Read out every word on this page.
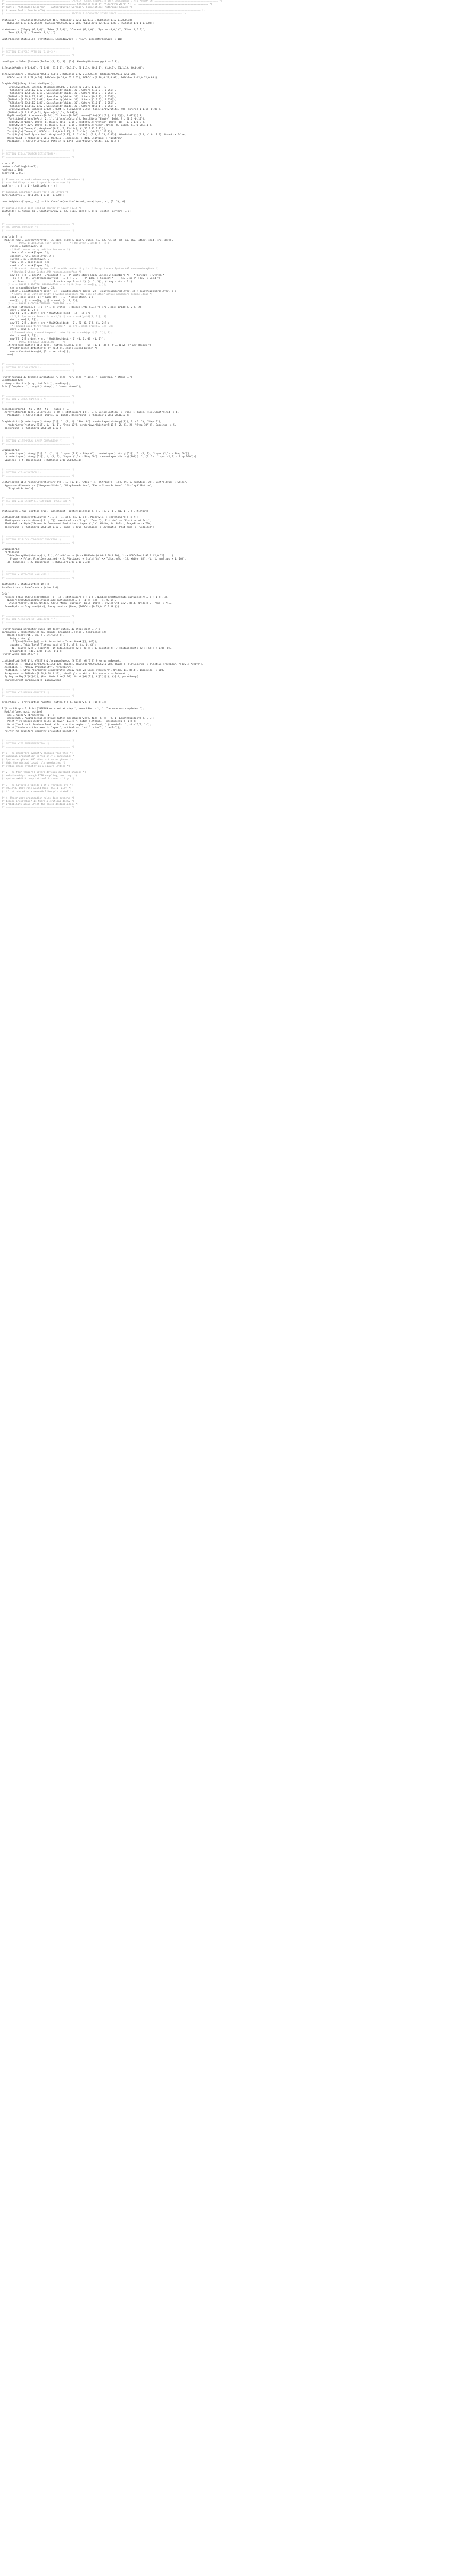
(* ============================================ EMERGENT CROSS CHIRALITY IN A CONCENTRIC STATE AUTOMATON ============================================ *)
(* ================================================ ScheduledTask[ (* "Algorithm Zero" *) ... ================================================ *)
(* Part I: "Schematic Diagram" -- Author:Dustin Sprenger, Formulation: Anthropic Claude *)
(* License:Public Domain (CC0) ========================================================================================================== *)
(* ============================================ SECTION I:SCHEMATIC STATE SPACE ============================================ *)

stateColor = {RGBColor[0.96,0.96,0.46], RGBColor[0.92,0.12,0.12], RGBColor[0.12,0.78,0.18],
RGBColor[0.18,0.22,0.92], RGBColor[0.95,0.62,0.08], RGBColor[0.62,0.12,0.88], RGBColor[1.0,1.0,1.0]};

stateNames = {"Empty (0,0,0)", "Idea (1,0,0)", "Concept (0,1,0)", "System (0,0,1)", "Flow (1,1,0)",
"Seed (1,0,1)", "Breach (1,1,1)"};

SwatchLegend[stateColor, stateNames, LegendLayout -> "Row", LegendMarkerSize -> 10];

(* ============================================ *)
(* SECTION II:CYCLE PATH ON {0,1}^3 *)
(* ============================================ *)

cubeEdges = Select[Subsets[Tuples[{0, 1}, 3], {2}], HammingDistance @@ # == 1 &];

lifecyclePath = {{0,0,0}, {1,0,0}, {1,1,0}, {0,1,0}, {0,1,1}, {0,0,1}, {1,0,1}, {1,1,1}, {0,0,0}};

lifecycleColors = {RGBColor[0.6,0.6,0.6], RGBColor[0.92,0.12,0.12], RGBColor[0.95,0.62,0.08],
RGBColor[0.12,0.78,0.18], RGBColor[0.14,0.62,0.62], RGBColor[0.18,0.22,0.92], RGBColor[0.62,0.12,0.88]};

Graphics3D[{{Gray, Line[cubeEdges]},
{GrayLevel[0.3], Dashed, Thickness[0.003], Line[{{0,0,0},{1,1,1}}]},
{RGBColor[0.92,0.12,0.12], Specularity[White, 30], Sphere[{1,0,0}, 0.055]},
{RGBColor[0.12,0.78,0.18], Specularity[White, 30], Sphere[{0,1,0}, 0.055]},
{RGBColor[0.18,0.22,0.92], Specularity[White, 30], Sphere[{0,0,1}, 0.055]},
{RGBColor[0.95,0.62,0.08], Specularity[White, 30], Sphere[{1,1,0}, 0.055]},
{RGBColor[0.62,0.12,0.88], Specularity[White, 30], Sphere[{1,0,1}, 0.055]},
{RGBColor[0.14,0.62,0.62], Specularity[White, 30], Sphere[{0,1,1}, 0.055]},
{GrayLevel[0.2], Sphere[{0,0,0}, 0.04]}, {GrayLevel[0.95], Specularity[White, 40], Sphere[{1,1,1}, 0.06]},
{RGBColor[0.9,0.85,0.2], Sphere[{1,1,1}, 0.09]}},
MapThread[{#2, Arrowheads[0.04], Thickness[0.006], Arrow[Tube[{#1[[1]], #1[[2]]}, 0.012]]} &,
{Partition[lifecyclePath, 2, 1], lifecycleColors}], Text[Style["Empty", Bold, 9], {0,0,-0.12}],
Text[Style["Idea", White, 8, Bold], {0.1,-0.1}], Text[Style["System", White, 8], {0,-0.1,0.9}],
Text[Style["Flow", White, 8, Bold], {1,1,-0.1}], Text[Style["Seed", White, 8, Bold], {1,-0.08,1.1}],
Text[Style["Concept", GrayLevel[0.7], 7, Italic], {1,12,1.12,1.12}],
Text[Style["Concept", RGBColor[0.6,0.6,0.7], 7, Italic], {-0.12,1.12,1}],
Text[Style["Null Spacetime", GrayLevel[0.7], 7, Italic], {0.5,-0.15,-0.07}], ViewPoint -> {2.4, -1.6, 1.5}, Boxed -> False,
Background -> RGBColor[0.08,0.08,0.10], ImageSize -> 480, Lighting -> "Neutral",
PlotLabel -> Style["Lifecycle Path on {0,1}^3 (Superflow)", White, 14, Bold]]

(* ============================================ *)
(* SECTION III:AUTOMATON DEFINITION *)
(* ============================================ *)

size = 31;
center = Ceiling[size/2];
numSteps = 100;
decayProb = 0.3;

(* Element-wise masks where array equals a 0 elsewhere *)
(* uses UnitStep to avoid symbolic-vs-arrays *)
mask[arr_, s_] := 1 - Unitize[arr - s]

(* Cardinal neighbour count for a 3D layers *)
cardinalKernel = {{0,1,0},{1,0,1},{0,1,0}};

countNeighbors[layer_, s_] := ListConvolve[cardinalKernel, mask[layer, s], {2, 2}, 0]

(* Initial:single Idea seed at center of layer (1,1) *)
initGrid[] := Module[{z = ConstantArray[0, {3, size, size}]}, z[[1, center, center]] = 1;
z]

(* ============================================ *)
(* THE UPDATE FUNCTION *)
(* ============================================ *)

step[grid_] :=
Module[{new = ConstantArray[0, {3, size, size}], layer, rules, n1, n2, n3, n4, n5, n6, chy, other, seed, src, dest},
(* ---- PHASE 1:LIFECYCLE (per layer) ---- *) Do[layer = grid[[q, ;;]];
rules = mask[layer, 1];
(* Built masks using unification masks *)
idea = n1 = mask[layer, 1];
concept = n2 = mask[layer, 2];
system = n3 = mask[layer, 3];
flow = n4 = mask[layer, 4];
seed = n5 = mask[layer, 5];
(* Stochastic decay:System -> Flow with probability *) (* Decay:1 where System AND random<decayProb *)
(* Random:1 where System AND random>=decayProb *)
new[[q, ;;]] = idea*2 + 3*concept + ... (* Empty stays Empty unless 2 neighbors *)  (* Concept -> System *)
n1 + 2 - 0 . UnitStep[decayProb - ...] + ...     (* Idea -> Concept *)    new = n5 (* Flow -> Seed *)
(* Breach:... *)         (* Breach stays Breach *) {q, 1, 3}]; (* Any = state 6 *)
(* ---- PHASE 2:SPATIAL PROPAGATION ---- *) Do[layer = new[[q, ;;]];
chy = countNeighbors[layer, 2];
other = countNeighbors[layer, 1] + countNeighbors[layer, 2] + countNeighbors[layer, 4] + countNeighbors[layer, 5];
(* Empty cells with majority 3 System neighbors AND some of other active neighbors become Ideas *)
seed = mask[layer, 0] * mask[chy - ...] * mask[other, 0];
new[[q, ;;]] = new[[q, ;;]] + seed, {q, 1, 3}];
(* ---- PHASE 3:CROSS-TEMPORAL COUPLING ---- *)
If[Max[Flatten[new]] < 6, (* 1,2: System -> Breach into (1,1) *) src = mask[grid[[2, 2]], 2];
dest = new[[1, 2]];
new[[1, 2]] = dest + src * UnitStep[(dest - 1) - 1] src;
(* 2,1: System -> Breach into (1,2) *) src = mask[grid[[1, 1]], 5];
dest = new[[2, 2]];
new[[2, 2]] = dest + src * UnitStep[dest - 0], {0, 0, 0}], {1, 2}]];
(* Forward plug first temporal index *) Do[src = mask[grid[[1, 1]], 3];
dest = new[[2, 3]];
(* Forward along second temporal index *) src = mask[grid[[1, 2]], 3];
dest = new[[2, 2]];
new[[2, 2]] = dest + src * UnitStep[dest - 0] {0, 0, 0}, {1, 2}];
(* ---- PHASE 4:BREACH DETECTION ---- *)
If[AnyTrue[Flatten[Table[Total[Flatten[new[[q, ;;]]] - 6], {q, 1, 3}]], # == 0 &], (* any Breach *)
Print["Breach detected"]; (* halt all cells exceed Breach *)
new = ConstantArray[6, {3, size, size}]];
new]

(* ============================================ *)
(* SECTION IV:SIMULATION *)
(* ============================================ *)

Print["Running 4D dynamic automaton: ", size, "x", size, " grid, ", numSteps, " steps..."];
SeedRandom[42];
history = NestList[step, initGrid[], numSteps];
Print["Complete: ", Length[history], " frames stored"];

(* ============================================ *)
(* SECTION V:CROSS SNAPSHOTS *)
(* ============================================ *)

renderLayer[grid_, tp_, {t2_, t1_}, label_] :=
ArrayPlot[grid[[tp]], ColorRules -> {0 -> stateColor[[1]], ...}, ColorFunction -> Frame -> False, PixelConstrained -> 6,
PlotLabel -> Style[label, White, 10, Bold], Background -> RGBColor[0.08,0.08,0.10]];

GraphicsGrid[{{renderLayer[history[[1]], 1, {1, 1}, "Step 0"], renderLayer[history[[1]], 2, {1, 2}, "Step 0"],
renderLayer[history[[11]], 1, {1, 1}, "Step 10"], renderLayer[history[[11]], 2, {1, 2}, "Step 10"]}}, Spacings -> 5,
Background -> RGBColor[0.08,0.08,0.10]]

(* ============================================ *)
(* SECTION VI:TEMPORAL LAYER COMPARISON *)
(* ============================================ *)

GraphicsGrid[
{{renderLayer[history[[1]], 1, {1, 1}, "Layer (1,1) - Step 0"], renderLayer[history[[51]], 2, {2, 1}, "Layer (2,1) - Step 50"]},
{renderLayer[history[[51]], 1, {1, 2}, "Layer (1,2) - Step 50"], renderLayer[history[[101]], 2, {2, 2}, "Layer (2,2) - Step 100"]}},
Spacings -> 5, Background -> RGBColor[0.08,0.08,0.10]]

(* ============================================ *)
(* SECTION VII:ANIMATION *)
(* ============================================ *)

ListAnimate[Table[renderLayer[history[[t]], 1, {1, 1}, "Step " <> ToString[t - 1]], {t, 1, numSteps, 2}], ControlType -> Slider,
AppearanceElements -> {"ProgressSlider", "PlayPauseButton", "FasterSlowerButtons", "DisplayAllButton",
"StepLeftButton"}]

(* ============================================ *)
(* SECTION VIII:SCHEMATIC COMPONENT EVOLUTION *)
(* ============================================ *)

stateCounts = Map[Function[grid, Table[Count[Flatten[grid[[q]]], s], {s, 0, 6}, {q, 1, 3}]], history];

ListLinePlot[Table[stateCounts[[All, s + 1, q]], {s, 1, 6}], PlotStyle -> stateColor[[2 ;; 7]],
PlotLegends -> stateNames[[2 ;; 7]], AxesLabel -> {"Step", "Count"}, PlotLabel -> "Fraction of Grid",
PlotLabel -> Style["Schematic Component Evolution - Layer (1,1)", White, 14, Bold], ImageSize -> 700,
Background -> RGBColor[0.08,0.08,0.10], Frame -> True, GridLines -> Automatic, PlotTheme -> "Detailed"]

(* ============================================ *)
(* SECTION IX:BLOCK COMPONENT TRACKING *)
(* ============================================ *)

GraphicsGrid[
Partition[
Table[ArrayPlot[history[[t, 1]], ColorRules -> {0 -> RGBColor[0.08,0.08,0.10], 1 -> RGBColor[0.92,0.12,0.12], ...},
Frame -> False, PixelConstrained -> 2, PlotLabel -> Style["t=" <> ToString[t - 1], White, 8]], {t, 1, numSteps + 1, 10}],
4], Spacings -> 2, Background -> RGBColor[0.08,0.08,0.10]]

(* ============================================ *)
(* SECTION X:ATTRACTOR ANALYSIS *)
(* ============================================ *)

lastCounts = stateCounts[[-10 ;;]];
lateFractions = lateCounts / (size^2.0);

Grid[
Prepend[Table[{Style[stateNames[[s + 1]], stateColor[[s + 1]]], NumberForm[Mean[lateFractions[[All, s + 1]]], 4],
NumberForm[StandardDeviation[lateFractions[[All, s + 1]]], 4]}, {s, 0, 6}],
{Style["State", Bold, White], Style["Mean Fraction", Bold, White], Style["Std Dev", Bold, White]}], Frame -> All,
FrameStyle -> GrayLevel[0.4], Background -> {None, {RGBColor[0.15,0.15,0.18]}}]

(* ============================================ *)
(* SECTION XI:PARAMETER SENSITIVITY *)
(* ============================================ *)

Print["Running parameter sweep (10 decay rates, 40 steps each)..."];
paramSweep = Table[Module[{dp, counts, breached = False}, SeedRandom[42];
Block[{decayProb = dp, g = initGrid[]},
Do[g = step[g];
If[Max[Flatten[g]] == 6, breached = True; Break[]], {40}];
counts = Table[Total[Flatten[mask[g[[1]], s]]], {s, 0, 6}];
{dp, counts[[2]] / (size^2), If[Total[counts[[2 ;; 6]]] > 0, counts[[2]] / (Total[counts[[2 ;; 6]]] + 0.0), 0],
breached}]], {dp, 0.05, 0.95, 0.1}];
Print["Sweep complete."];

ListLinePlot[{{#[[1]], #[[2]]} & /@ paramSweep, {#[[1]], #[[3]]} & /@ paramSweep},
PlotStyle -> {{RGBColor[0.92,0.12,0.12], Thick}, {RGBColor[0.95,0.62,0.08], Thick}}, PlotLegends -> {"Active Fraction", "Flow / Active"},
AxesLabel -> {"Decay Probability", "Fraction"},
PlotLabel -> Style["Parameter Sensitivity: Decay Rate vs Cross Structure", White, 14, Bold], ImageSize -> 600,
Background -> RGBColor[0.08,0.08,0.10], LabelStyle -> White, PlotMarkers -> Automatic,
Epilog -> Map[If[#[[4]], {Red, PointSize[0.02], Point[{#[[1]], #[[2]]}]}, {}] &, paramSweep],
{Range[Length[paramSweep]], paramSweep}]

(* ============================================ *)
(* SECTION XII:BREACH ANALYSIS *)
(* ============================================ *)

breachStep = FirstPosition[Map[Max[Flatten[#]] &, history], 6, {0}][[1]];

If[breachStep > 0, Print["BREACH occurred at step ", breachStep - 1, ". The cube was completed."];
Module[{pre, post, active},
pre = history[[breachStep - 1]];
maxBreach = MaxWhile[Table[Total[Flatten[mask[history[[t, tp]], 6]]], {t, 1, Length[history]}], ...];
Print["Pre-breach active cells in layer (1,1): ", Total[Flatten[1 - mask[pre[[1]], 0]]]];
Print["No Breach. Maximum Dead cells in active region: ", maxDead, " (threshold: ", size^2/2, ")"];
Print["Maximum active area in layer ", activeArea, " of ", size^2, " cells"]];
Print["The cruciform geometry prevented breach."]]

(* ============================================ *)
(* SECTION XIII:INTERPRETATION *)
(* ============================================ *)

(* 1. The cruciform symmetry emerges from the: *)
(* cardinal propagation-kernel-only 1 cardinals; *)
(* System neighbour AND other active neighbour *)
(* this the minimal local rule producing: *)
(* stable cross symmetry on a square lattice *)

(* 2. The four temporal layers develop distinct phases: *)
(* relationships through BTIH coupling, how they: *)
(* system exhibit computational irreducibility. *)

(* 3. The lifecycle visits 6 of 8 vertices of: *)
(* {0,1}^3. What role would Open (0,1,1) play *)
(* if introduced as a seventh lifecycle state? *)

(* 4. Under what propagation rules does breach: *)
(* become inevitable? Is there a critical decay *)
(* probability above which the cross destabilizes? *)
(* ============================================ *)
